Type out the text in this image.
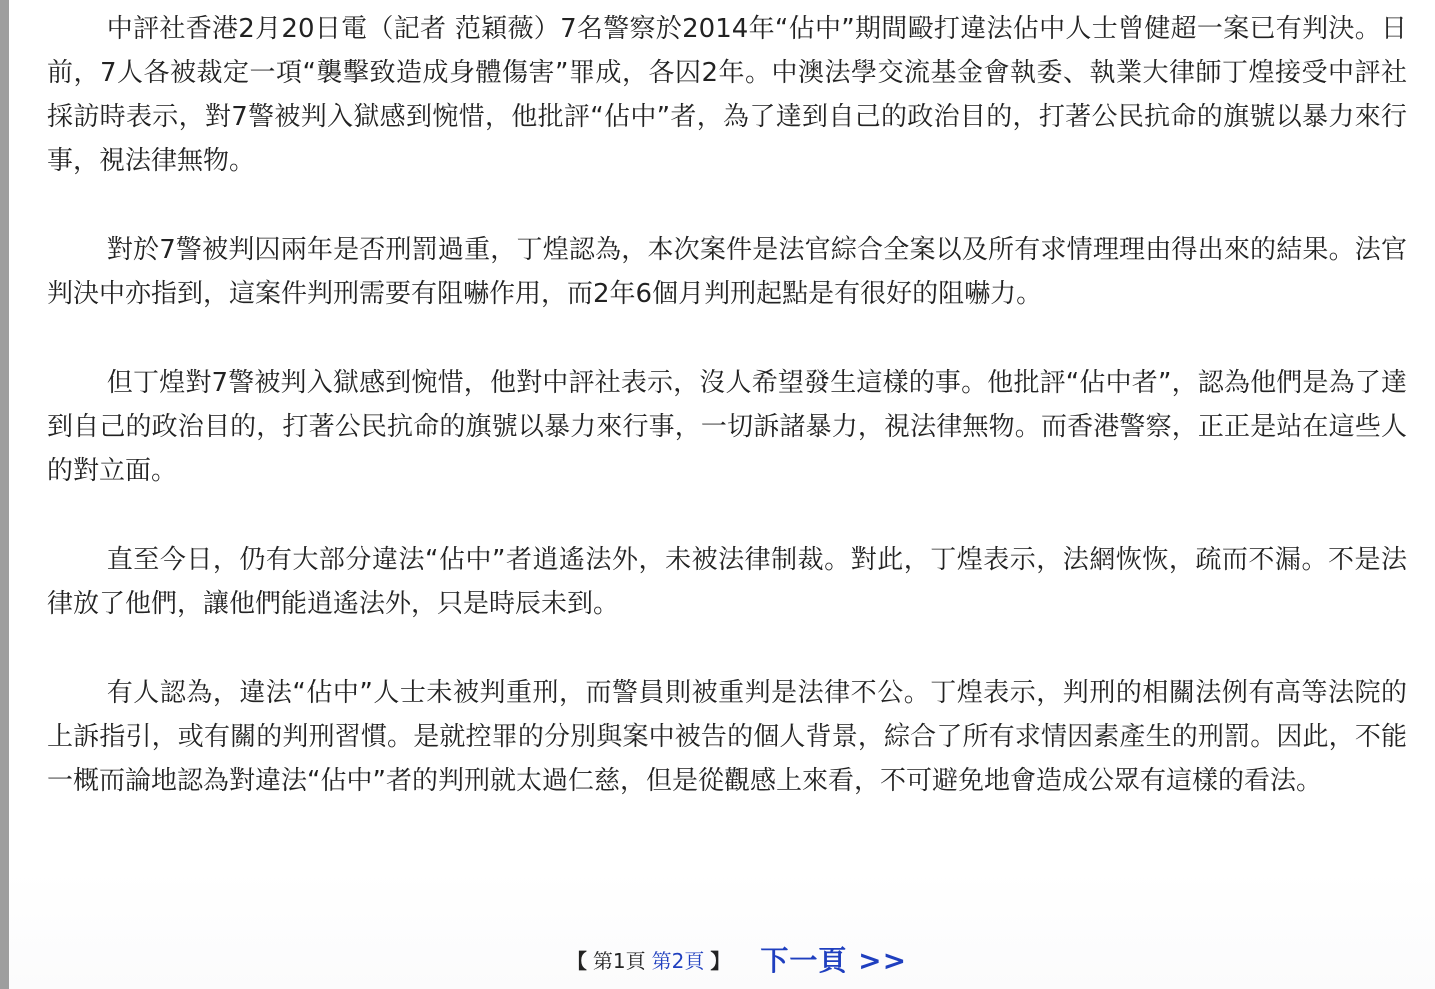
中評社香港2月20日電（記者 范穎薇）7名警察於2014年“佔中”期間毆打違法佔中人士曾健超一案已有判決。日前，7人各被裁定一項“襲擊致造成身體傷害”罪成，各囚2年。中澳法學交流基金會執委、執業大律師丁煌接受中評社採訪時表示，對7警被判入獄感到惋惜，他批評“佔中”者，為了達到自己的政治目的，打著公民抗命的旗號以暴力來行事，視法律無物。

對於7警被判囚兩年是否刑罰過重，丁煌認為，本次案件是法官綜合全案以及所有求情理理由得出來的結果。法官判決中亦指到，這案件判刑需要有阻嚇作用，而2年6個月判刑起點是有很好的阻嚇力。

但丁煌對7警被判入獄感到惋惜，他對中評社表示，沒人希望發生這樣的事。他批評“佔中者”，認為他們是為了達到自己的政治目的，打著公民抗命的旗號以暴力來行事，一切訴諸暴力，視法律無物。而香港警察，正正是站在這些人的對立面。

直至今日，仍有大部分違法“佔中”者逍遙法外，未被法律制裁。對此，丁煌表示，法網恢恢，疏而不漏。不是法律放了他們，讓他們能逍遙法外，只是時辰未到。

有人認為，違法“佔中”人士未被判重刑，而警員則被重判是法律不公。丁煌表示，判刑的相關法例有高等法院的上訴指引，或有關的判刑習慣。是就控罪的分別與案中被告的個人背景，綜合了所有求情因素產生的刑罰。因此，不能一概而論地認為對違法“佔中”者的判刑就太過仁慈，但是從觀感上來看，不可避免地會造成公眾有這樣的看法。

【 第1頁 第2頁 】 下一頁 >>
